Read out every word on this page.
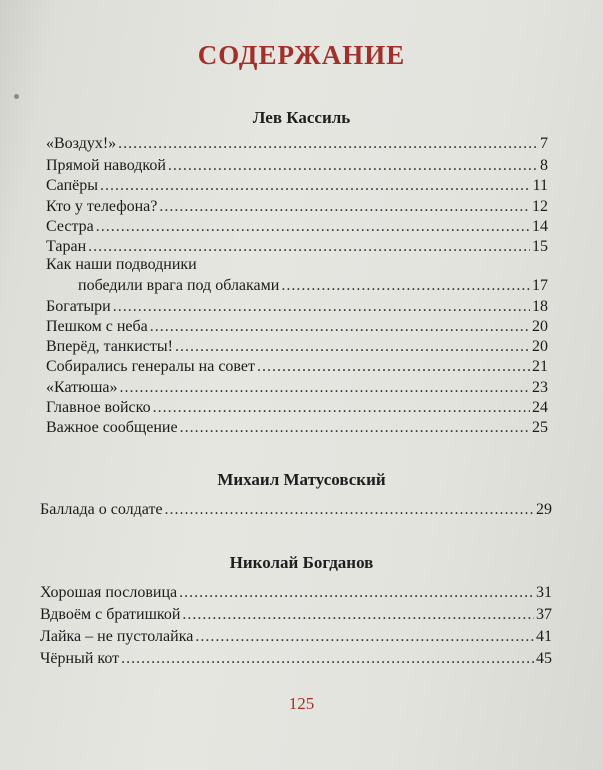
СОДЕРЖАНИЕ
Лев Кассиль
«Воздух!» .....	7
Прямой наводкой .....	8
Сапёры .....	11
Кто у телефона? .....	12
Сестра .....	14
Таран .....	15
Как наши подводники
победили врага под облаками .....	17
Богатыри .....	18
Пешком с неба .....	20
Вперёд, танкисты! .....	20
Собирались генералы на совет .....	21
«Катюша» .....	23
Главное войско .....	24
Важное сообщение .....	25
Михаил Матусовский
Баллада о солдате .....	29
Николай Богданов
Хорошая пословица .....	31
Вдвоём с братишкой .....	37
Лайка – не пустолайка .....	41
Чёрный кот .....	45
125
